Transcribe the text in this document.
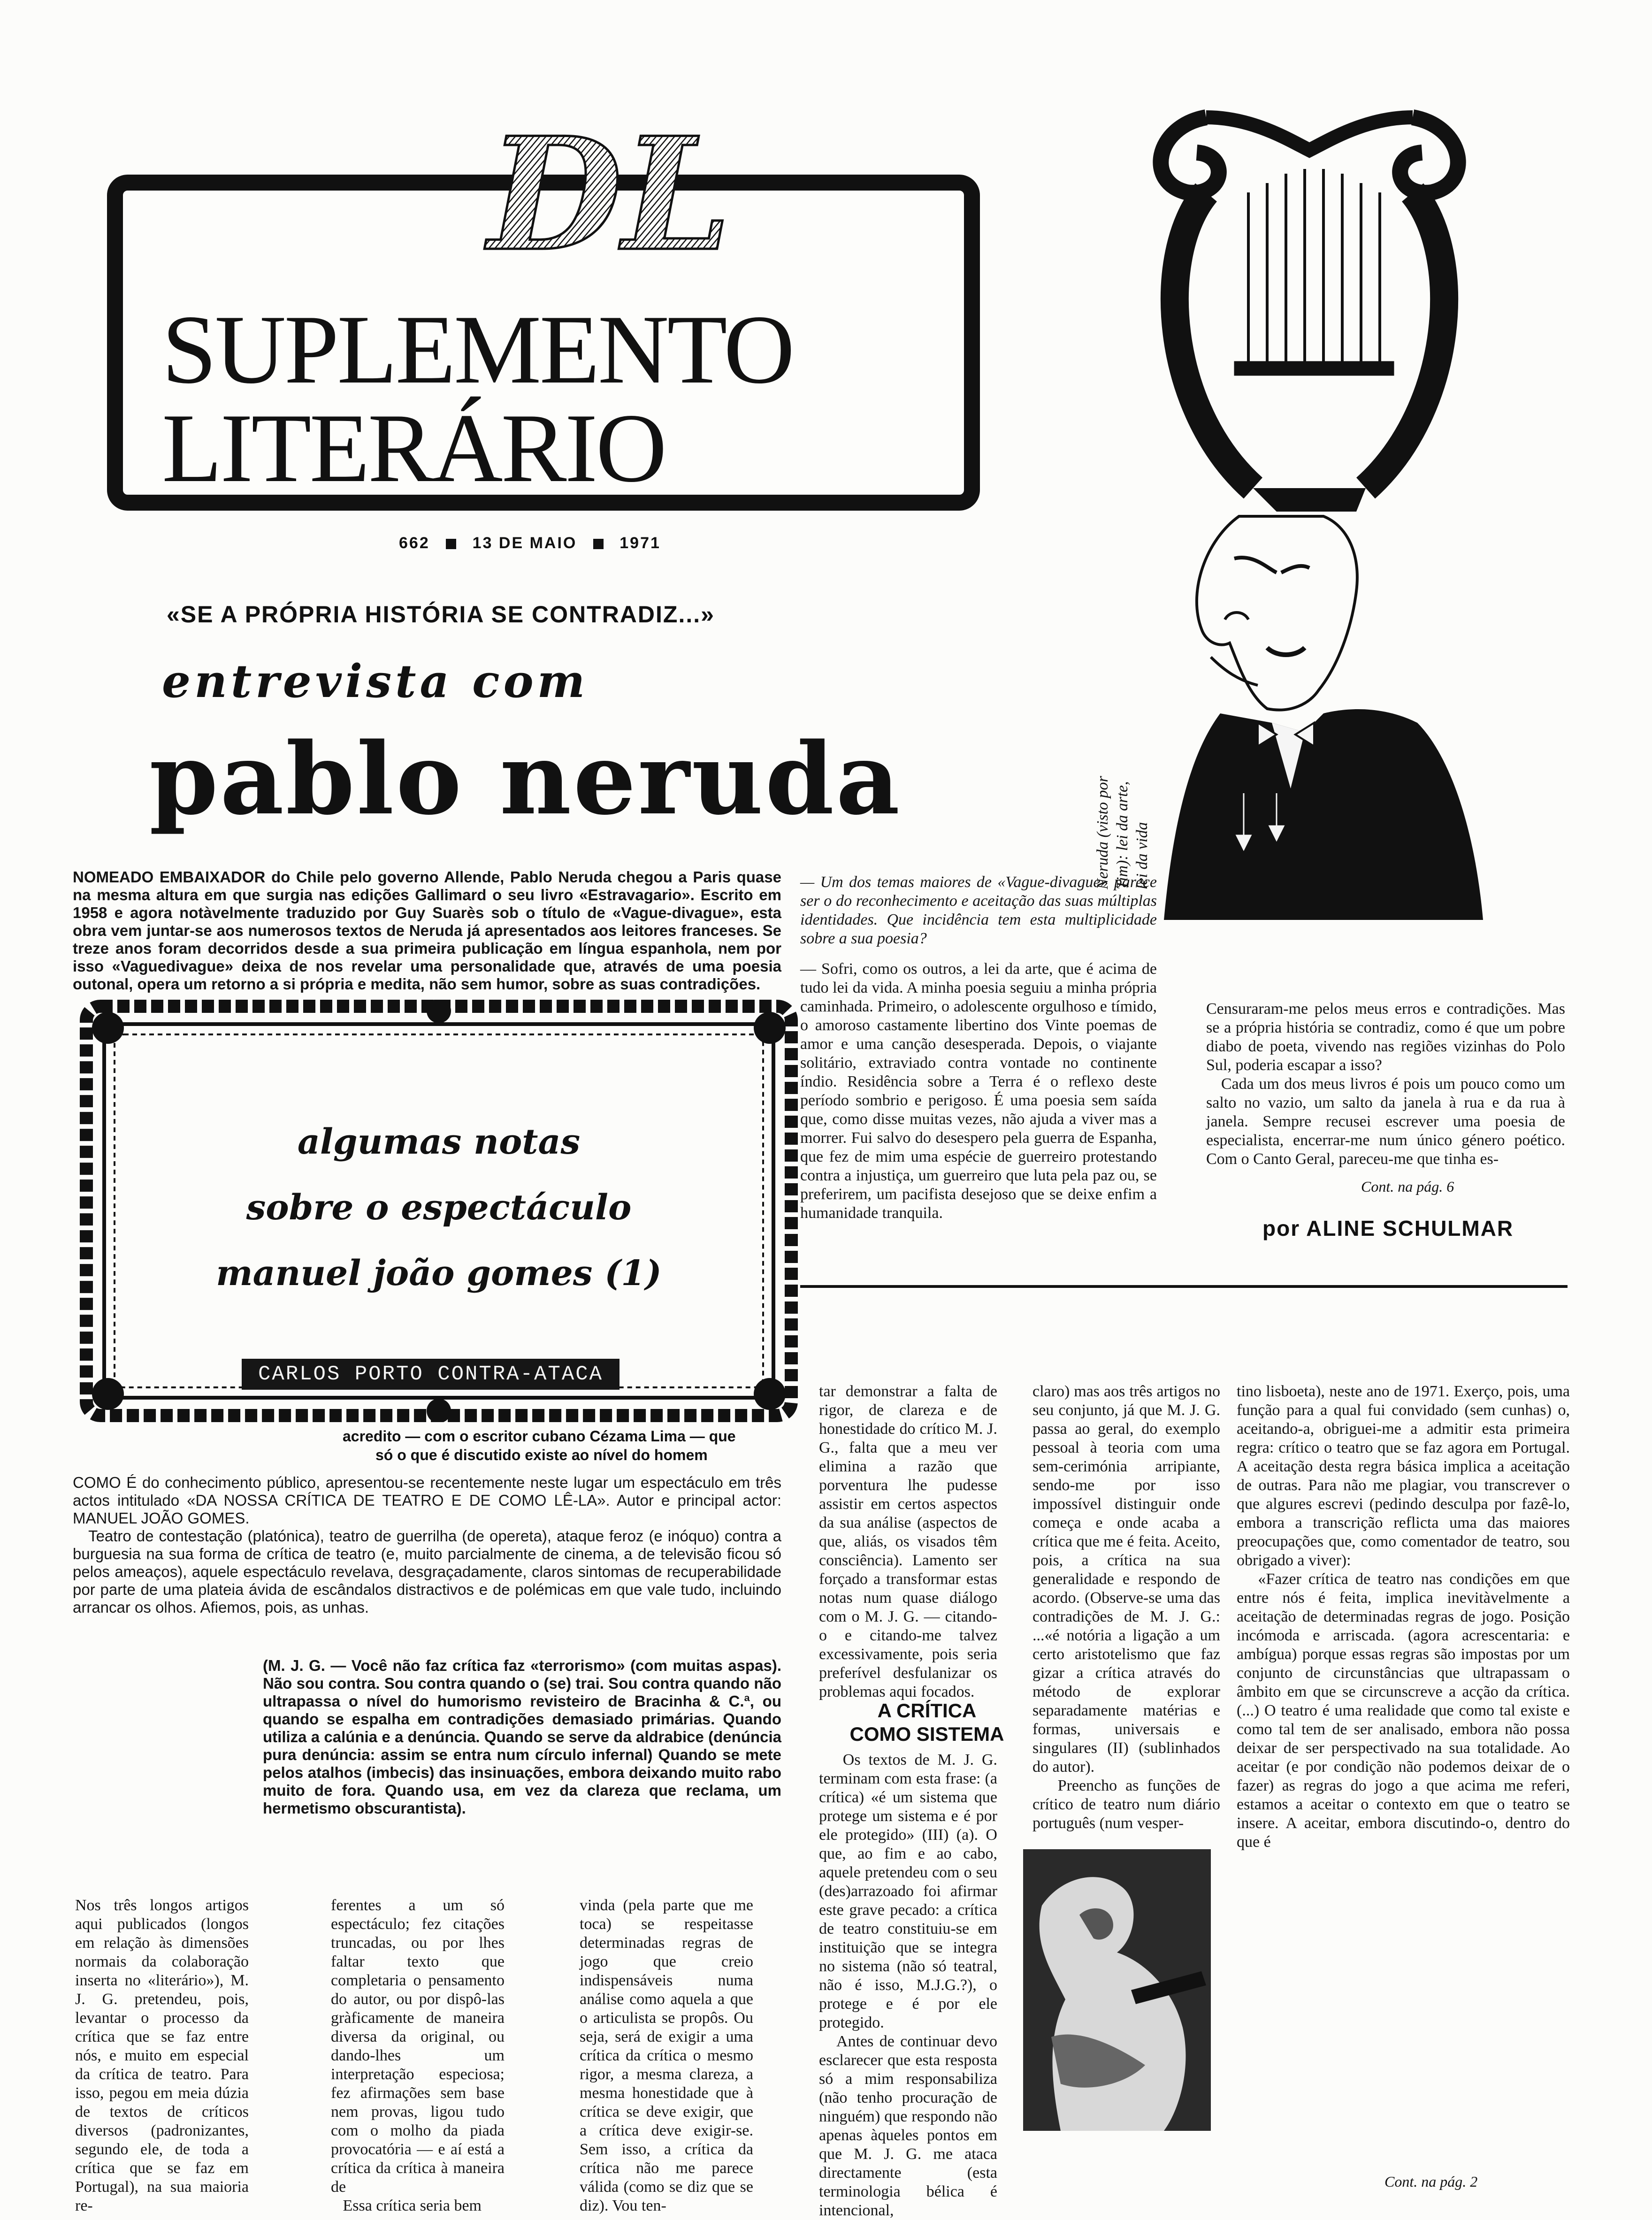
DL
SUPLEMENTO
LITERÁRIO
662	13 DE MAIO	1971
«SE A PRÓPRIA HISTÓRIA SE CONTRADIZ...»
entrevista com
pablo neruda	Neruda (visto por Tim): lei da arte, lei da vida
NOMEADO EMBAIXADOR do Chile pelo governo Allende, Pablo Neruda chegou a Paris quase na mesma altura em que surgia nas edições Gallimard o seu livro «Estravagario». Escrito em 1958 e agora notàvelmente traduzido por Guy Suarès sob o título de «Vague-divague», esta obra vem juntar-se aos numerosos textos de Neruda já apresentados aos leitores franceses. Se treze anos foram decorridos desde a sua primeira publicação em língua espanhola, nem por isso «Vaguedivague» deixa de nos revelar uma personalidade que, através de uma poesia outonal, opera um retorno a si própria e medita, não sem humor, sobre as suas contradições.
— Um dos temas maiores de «Vague-divague» parece ser o do reconhecimento e aceitação das suas múltiplas identidades. Que incidência tem esta multiplicidade sobre a sua poesia?
— Sofri, como os outros, a lei da arte, que é acima de tudo lei da vida. A minha poesia seguiu a minha própria caminhada. Primeiro, o adolescente orgulhoso e tímido, o amoroso castamente libertino dos Vinte poemas de amor e uma canção desesperada. Depois, o viajante solitário, extraviado contra vontade no continente índio. Residência sobre a Terra é o reflexo deste período sombrio e perigoso. É uma poesia sem saída que, como disse muitas vezes, não ajuda a viver mas a morrer. Fui salvo do desespero pela guerra de Espanha, que fez de mim uma espécie de guerreiro protestando contra a injustiça, um guerreiro que luta pela paz ou, se preferirem, um pacifista desejoso que se deixe enfim a humanidade tranquila.
Censuraram-me pelos meus erros e contradições. Mas se a própria história se contradiz, como é que um pobre diabo de poeta, vivendo nas regiões vizinhas do Polo Sul, poderia escapar a isso?
Cada um dos meus livros é pois um pouco como um salto no vazio, um salto da janela à rua e da rua à janela. Sempre recusei escrever uma poesia de especialista, encerrar-me num único género poético. Com o Canto Geral, pareceu-me que tinha es-
Cont. na pág. 6
por ALINE SCHULMAR
algumas notas
sobre o espectáculo
manuel joão gomes (1)
CARLOS PORTO CONTRA-ATACA
acredito — com o escritor cubano Cézama Lima — que
só o que é discutido existe ao nível do homem
COMO É do conhecimento público, apresentou-se recentemente neste lugar um espectáculo em três actos intitulado «DA NOSSA CRÍTICA DE TEATRO E DE COMO LÊ-LA». Autor e principal actor: MANUEL JOÃO GOMES.
Teatro de contestação (platónica), teatro de guerrilha (de opereta), ataque feroz (e inóquo) contra a burguesia na sua forma de crítica de teatro (e, muito parcialmente de cinema, a de televisão ficou só pelos ameaços), aquele espectáculo revelava, desgraçadamente, claros sintomas de recuperabilidade por parte de uma plateia ávida de escândalos distractivos e de polémicas em que vale tudo, incluindo arrancar os olhos. Afiemos, pois, as unhas.
(M. J. G. — Você não faz crítica faz «terrorismo» (com muitas aspas). Não sou contra. Sou contra quando o (se) trai. Sou contra quando não ultrapassa o nível do humorismo revisteiro de Bracinha & C.ª, ou quando se espalha em contradições demasiado primárias. Quando utiliza a calúnia e a denúncia. Quando se serve da aldrabice (denúncia pura denúncia: assim se entra num círculo infernal) Quando se mete pelos atalhos (imbecis) das insinuações, embora deixando muito rabo muito de fora. Quando usa, em vez da clareza que reclama, um hermetismo obscurantista).
Nos três longos artigos aqui publicados (longos em relação às dimensões normais da colaboração inserta no «literário»), M. J. G. pretendeu, pois, levantar o processo da crítica que se faz entre nós, e muito em especial da crítica de teatro. Para isso, pegou em meia dúzia de textos de críticos diversos (padronizantes, segundo ele, de toda a crítica que se faz em Portugal), na sua maioria re-
ferentes a um só espectáculo; fez citações truncadas, ou por lhes faltar texto que completaria o pensamento do autor, ou por dispô-las gràficamente de maneira diversa da original, ou dando-lhes um interpretação especiosa; fez afirmações sem base nem provas, ligou tudo com o molho da piada provocatória — e aí está a crítica da crítica à maneira de
Essa crítica seria bem
vinda (pela parte que me toca) se respeitasse determinadas regras de jogo que creio indispensáveis numa análise como aquela a que o articulista se propôs. Ou seja, será de exigir a uma crítica da crítica o mesmo rigor, a mesma clareza, a mesma honestidade que à crítica se deve exigir, que a crítica deve exigir-se. Sem isso, a crítica da crítica não me parece válida (como se diz que se diz). Vou ten-
tar demonstrar a falta de rigor, de clareza e de honestidade do crítico M. J. G., falta que a meu ver elimina a razão que porventura lhe pudesse assistir em certos aspectos da sua análise (aspectos de que, aliás, os visados têm consciência). Lamento ser forçado a transformar estas notas num quase diálogo com o M. J. G. — citando-o e citando-me talvez excessivamente, pois seria preferível desfulanizar os problemas aqui focados.
A CRÍTICA
COMO SISTEMA
Os textos de M. J. G. terminam com esta frase: (a crítica) «é um sistema que protege um sistema e é por ele protegido» (III) (a). O que, ao fim e ao cabo, aquele pretendeu com o seu (des)arrazoado foi afirmar este grave pecado: a crítica de teatro constituiu-se em instituição que se integra no sistema (não só teatral, não é isso, M.J.G.?), o protege e é por ele protegido.
Antes de continuar devo esclarecer que esta resposta só a mim responsabiliza (não tenho procuração de ninguém) que respondo não apenas àqueles pontos em que M. J. G. me ataca directamente (esta terminologia bélica é intencional,
claro) mas aos três artigos no seu conjunto, já que M. J. G. passa ao geral, do exemplo pessoal à teoria com uma sem-cerimónia arripiante, sendo-me por isso impossível distinguir onde começa e onde acaba a crítica que me é feita. Aceito, pois, a crítica na sua generalidade e respondo de acordo. (Observe-se uma das contradições de M. J. G.: ...«é notória a ligação a um certo aristotelismo que faz gizar a crítica através do método de explorar separadamente matérias e formas, universais e singulares (II) (sublinhados do autor).
Preencho as funções de crítico de teatro num diário português (num vesper-
tino lisboeta), neste ano de 1971. Exerço, pois, uma função para a qual fui convidado (sem cunhas) o, aceitando-a, obriguei-me a admitir esta primeira regra: crítico o teatro que se faz agora em Portugal. A aceitação desta regra básica implica a aceitação de outras. Para não me plagiar, vou transcrever o que algures escrevi (pedindo desculpa por fazê-lo, embora a transcrição reflicta uma das maiores preocupações que, como comentador de teatro, sou obrigado a viver):
«Fazer crítica de teatro nas condições em que entre nós é feita, implica inevitàvelmente a aceitação de determinadas regras de jogo. Posição incómoda e arriscada. (agora acrescentaria: e ambígua) porque essas regras são impostas por um conjunto de circunstâncias que ultrapassam o âmbito em que se circunscreve a acção da crítica. (...) O teatro é uma realidade que como tal existe e como tal tem de ser analisado, embora não possa deixar de ser perspectivado na sua totalidade. Ao aceitar (e por condição não podemos deixar de o fazer) as regras do jogo a que acima me referi, estamos a aceitar o contexto em que o teatro se insere. A aceitar, embora discutindo-o, dentro do que é
Cont. na pág. 2
